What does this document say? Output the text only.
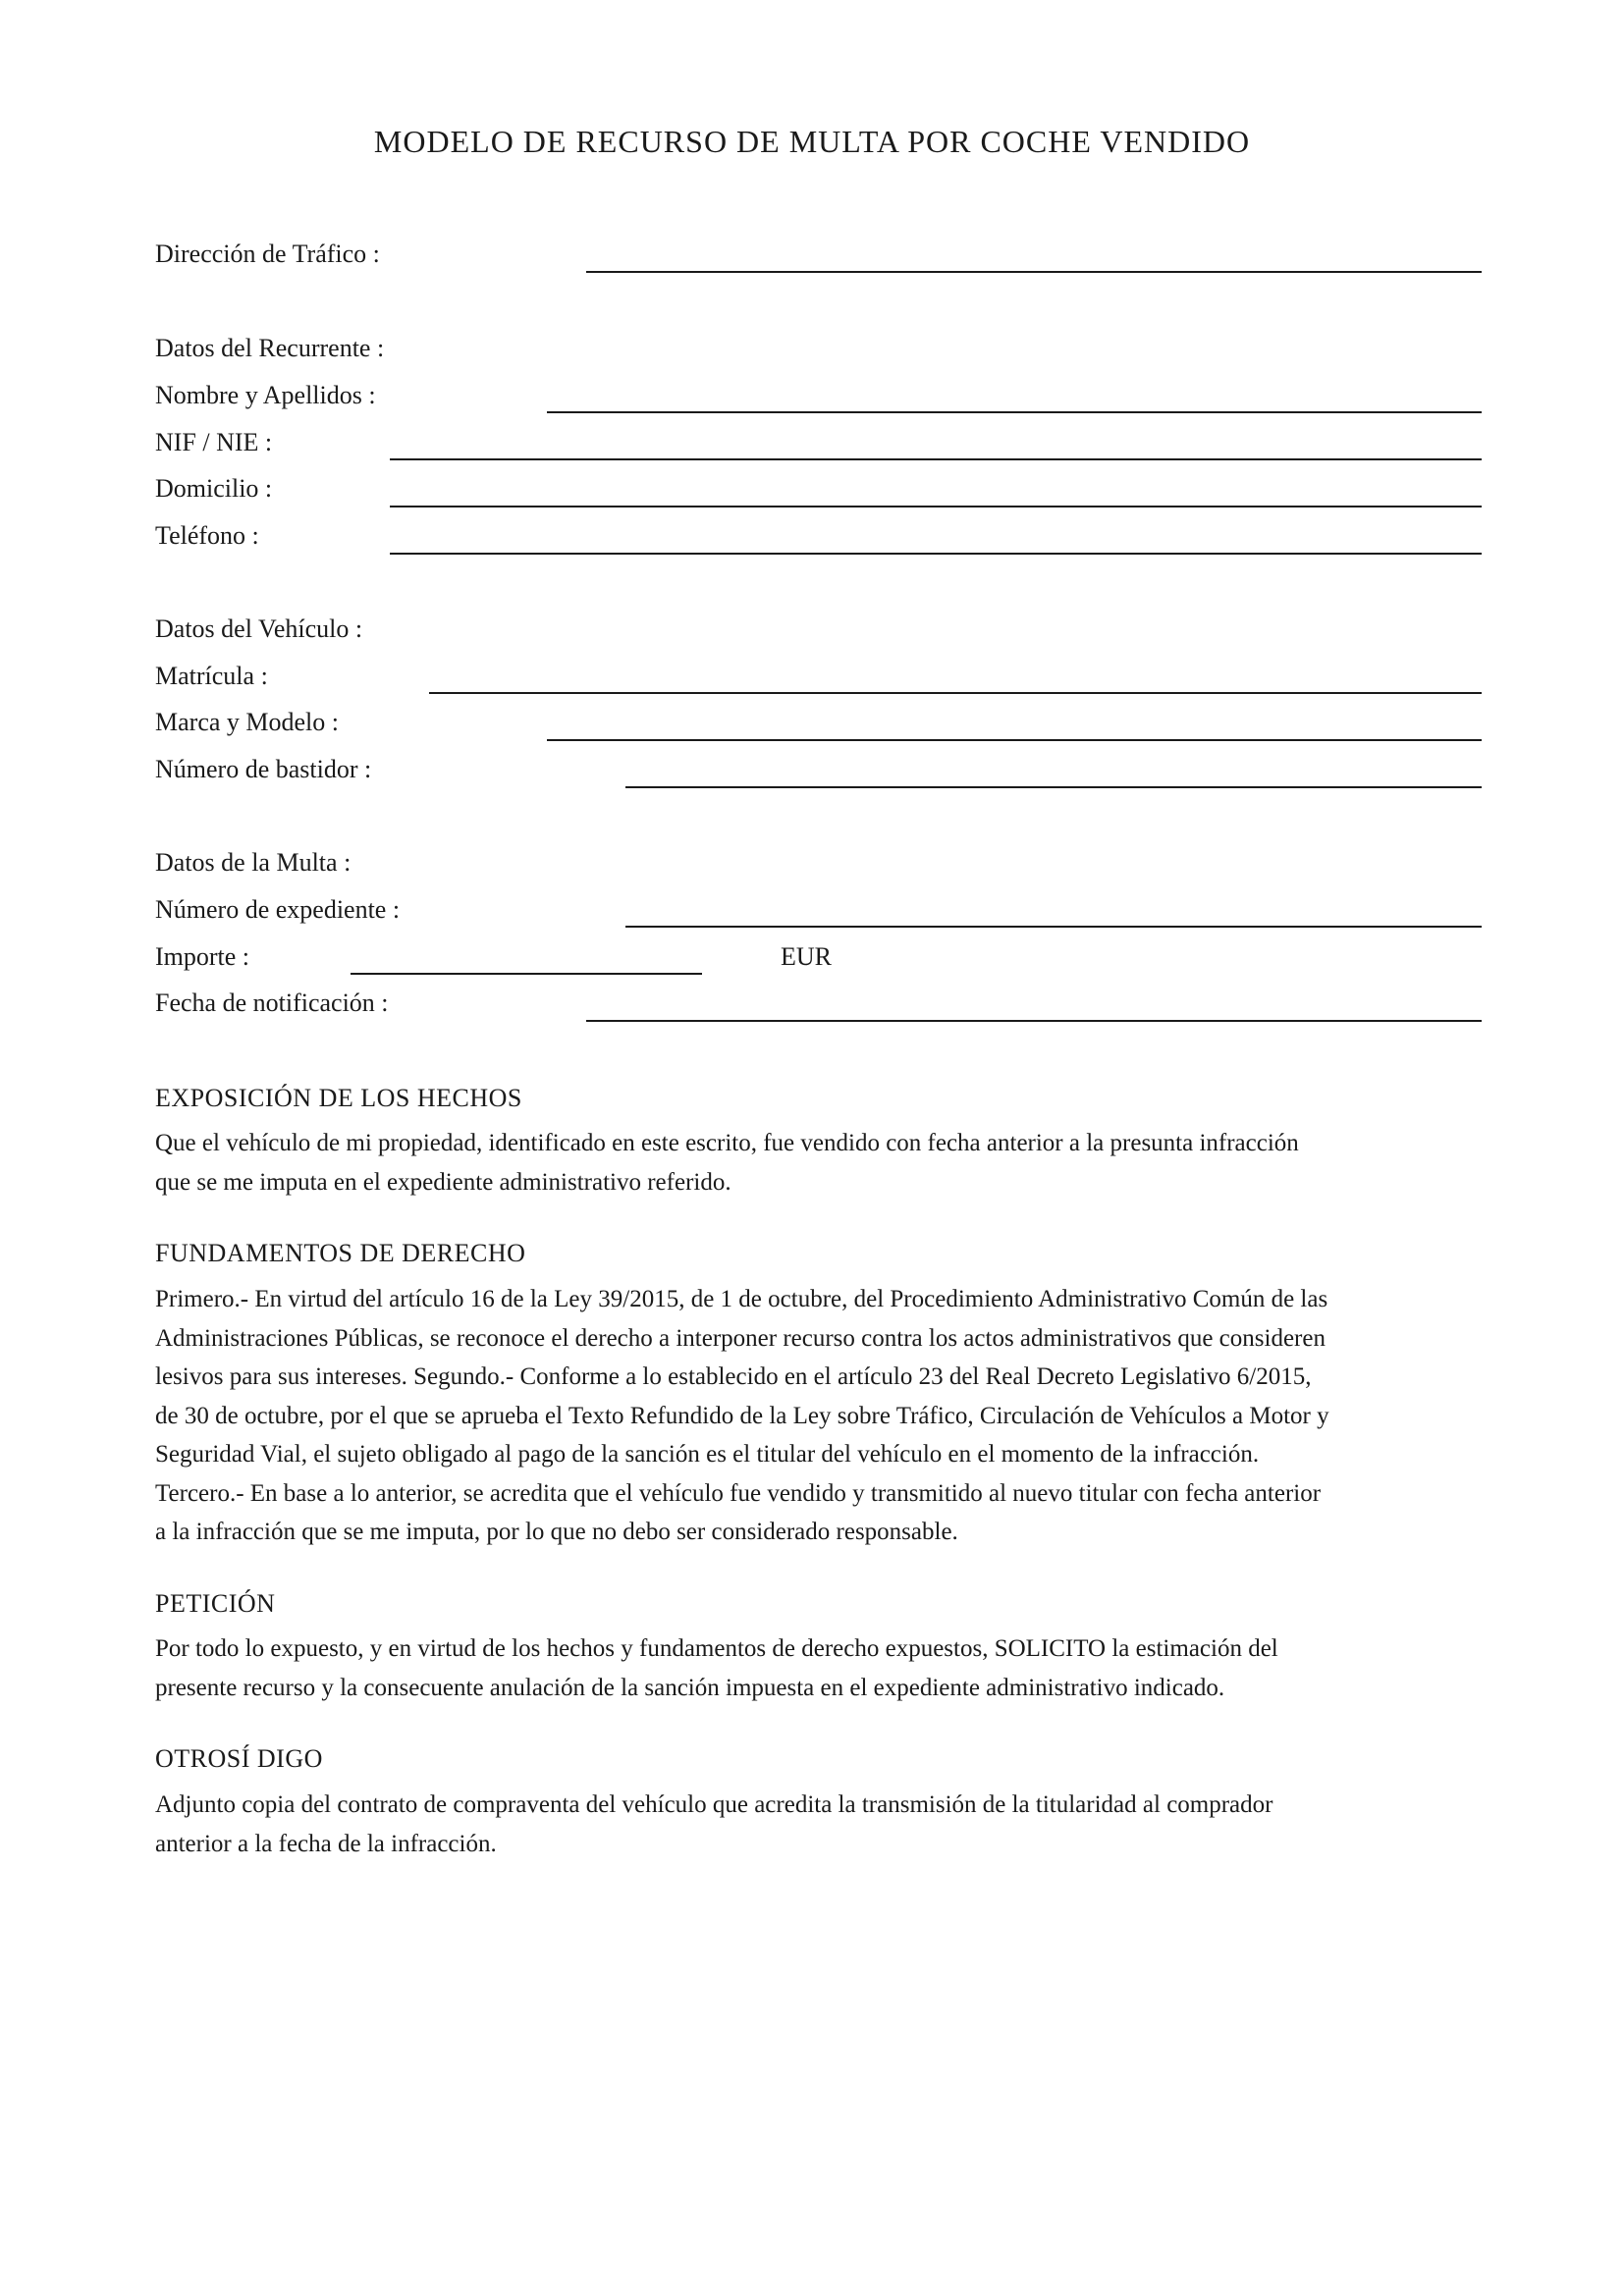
MODELO DE RECURSO DE MULTA POR COCHE VENDIDO
Dirección de Tráfico :
Datos del Recurrente :
Nombre y Apellidos :
NIF / NIE :
Domicilio :
Teléfono :
Datos del Vehículo :
Matrícula :
Marca y Modelo :
Número de bastidor :
Datos de la Multa :
Número de expediente :
Importe :	EUR
Fecha de notificación :
EXPOSICIÓN DE LOS HECHOS
Que el vehículo de mi propiedad, identificado en este escrito, fue vendido con fecha anterior a la presunta infracción
que se me imputa en el expediente administrativo referido.
FUNDAMENTOS DE DERECHO
Primero.- En virtud del artículo 16 de la Ley 39/2015, de 1 de octubre, del Procedimiento Administrativo Común de las
Administraciones Públicas, se reconoce el derecho a interponer recurso contra los actos administrativos que consideren
lesivos para sus intereses. Segundo.- Conforme a lo establecido en el artículo 23 del Real Decreto Legislativo 6/2015,
de 30 de octubre, por el que se aprueba el Texto Refundido de la Ley sobre Tráfico, Circulación de Vehículos a Motor y
Seguridad Vial, el sujeto obligado al pago de la sanción es el titular del vehículo en el momento de la infracción.
Tercero.- En base a lo anterior, se acredita que el vehículo fue vendido y transmitido al nuevo titular con fecha anterior
a la infracción que se me imputa, por lo que no debo ser considerado responsable.
PETICIÓN
Por todo lo expuesto, y en virtud de los hechos y fundamentos de derecho expuestos, SOLICITO la estimación del
presente recurso y la consecuente anulación de la sanción impuesta en el expediente administrativo indicado.
OTROSÍ DIGO
Adjunto copia del contrato de compraventa del vehículo que acredita la transmisión de la titularidad al comprador
anterior a la fecha de la infracción.
